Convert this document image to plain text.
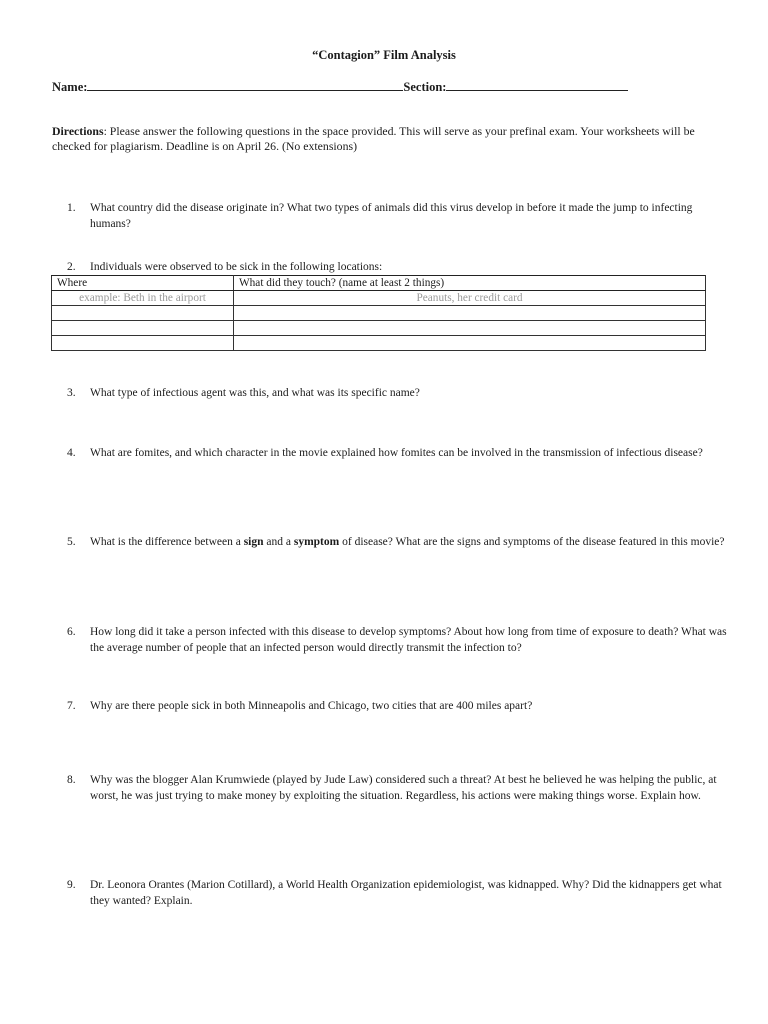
“Contagion” Film Analysis
Name:	Section:
Directions: Please answer the following questions in the space provided. This will serve as your prefinal exam. Your worksheets will be checked for plagiarism. Deadline is on April 26. (No extensions)
1.	What country did the disease originate in? What two types of animals did this virus develop in before it made the jump to infecting humans?
2.	Individuals were observed to be sick in the following locations:
Where	What did they touch? (name at least 2 things)
example: Beth in the airport	Peanuts, her credit card

3.	What type of infectious agent was this, and what was its specific name?
4.	What are fomites, and which character in the movie explained how fomites can be involved in the transmission of infectious disease?
5.	What is the difference between a sign and a symptom of disease? What are the signs and symptoms of the disease featured in this movie?
6.	How long did it take a person infected with this disease to develop symptoms? About how long from time of exposure to death? What was the average number of people that an infected person would directly transmit the infection to?
7.	Why are there people sick in both Minneapolis and Chicago, two cities that are 400 miles apart?
8.	Why was the blogger Alan Krumwiede (played by Jude Law) considered such a threat? At best he believed he was helping the public, at worst, he was just trying to make money by exploiting the situation. Regardless, his actions were making things worse. Explain how.
9.	Dr. Leonora Orantes (Marion Cotillard), a World Health Organization epidemiologist, was kidnapped. Why? Did the kidnappers get what they wanted? Explain.
